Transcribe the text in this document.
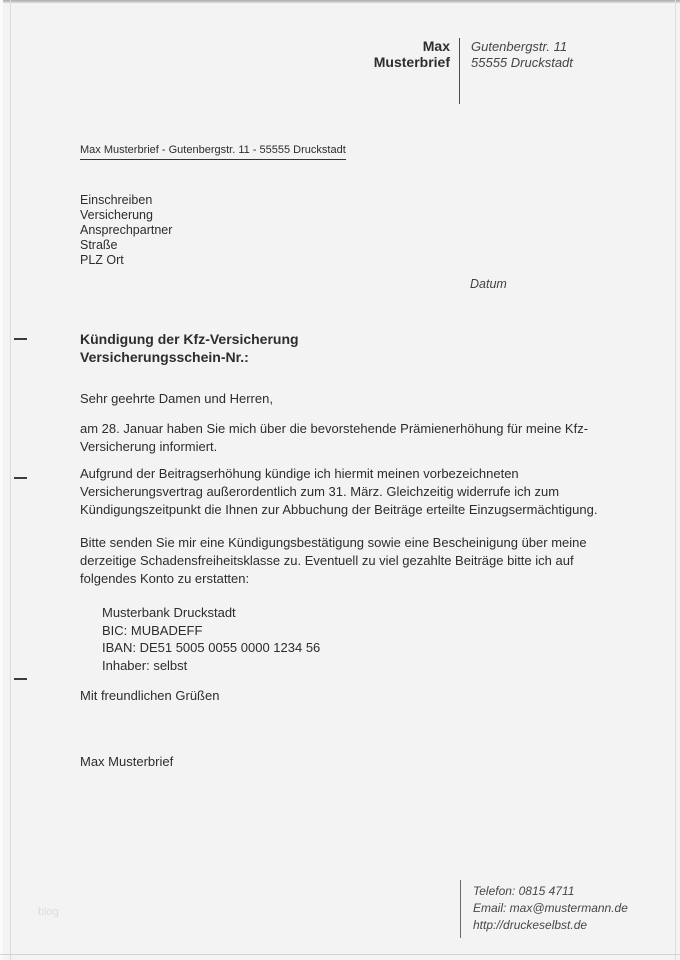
Max
Musterbrief
Gutenbergstr. 11
55555 Druckstadt
Max Musterbrief - Gutenbergstr. 11 - 55555 Druckstadt
Einschreiben
Versicherung
Ansprechpartner
Straße
PLZ Ort
Datum
Kündigung der Kfz-Versicherung
Versicherungsschein-Nr.:
Sehr geehrte Damen und Herren,
am 28. Januar haben Sie mich über die bevorstehende Prämienerhöhung für meine Kfz-Versicherung informiert.
Aufgrund der Beitragserhöhung kündige ich hiermit meinen vorbezeichneten Versicherungsvertrag außerordentlich zum 31. März. Gleichzeitig widerrufe ich zum Kündigungszeitpunkt die Ihnen zur Abbuchung der Beiträge erteilte Einzugsermächtigung.
Bitte senden Sie mir eine Kündigungsbestätigung sowie eine Bescheinigung über meine derzeitige Schadensfreiheitsklasse zu. Eventuell zu viel gezahlte Beiträge bitte ich auf folgendes Konto zu erstatten:
Musterbank Druckstadt
BIC: MUBADEFF
IBAN: DE51 5005 0055 0000 1234 56
Inhaber: selbst
Mit freundlichen Grüßen
Max Musterbrief
Telefon: 0815 4711
Email: max@mustermann.de
http://druckeselbst.de
blog
